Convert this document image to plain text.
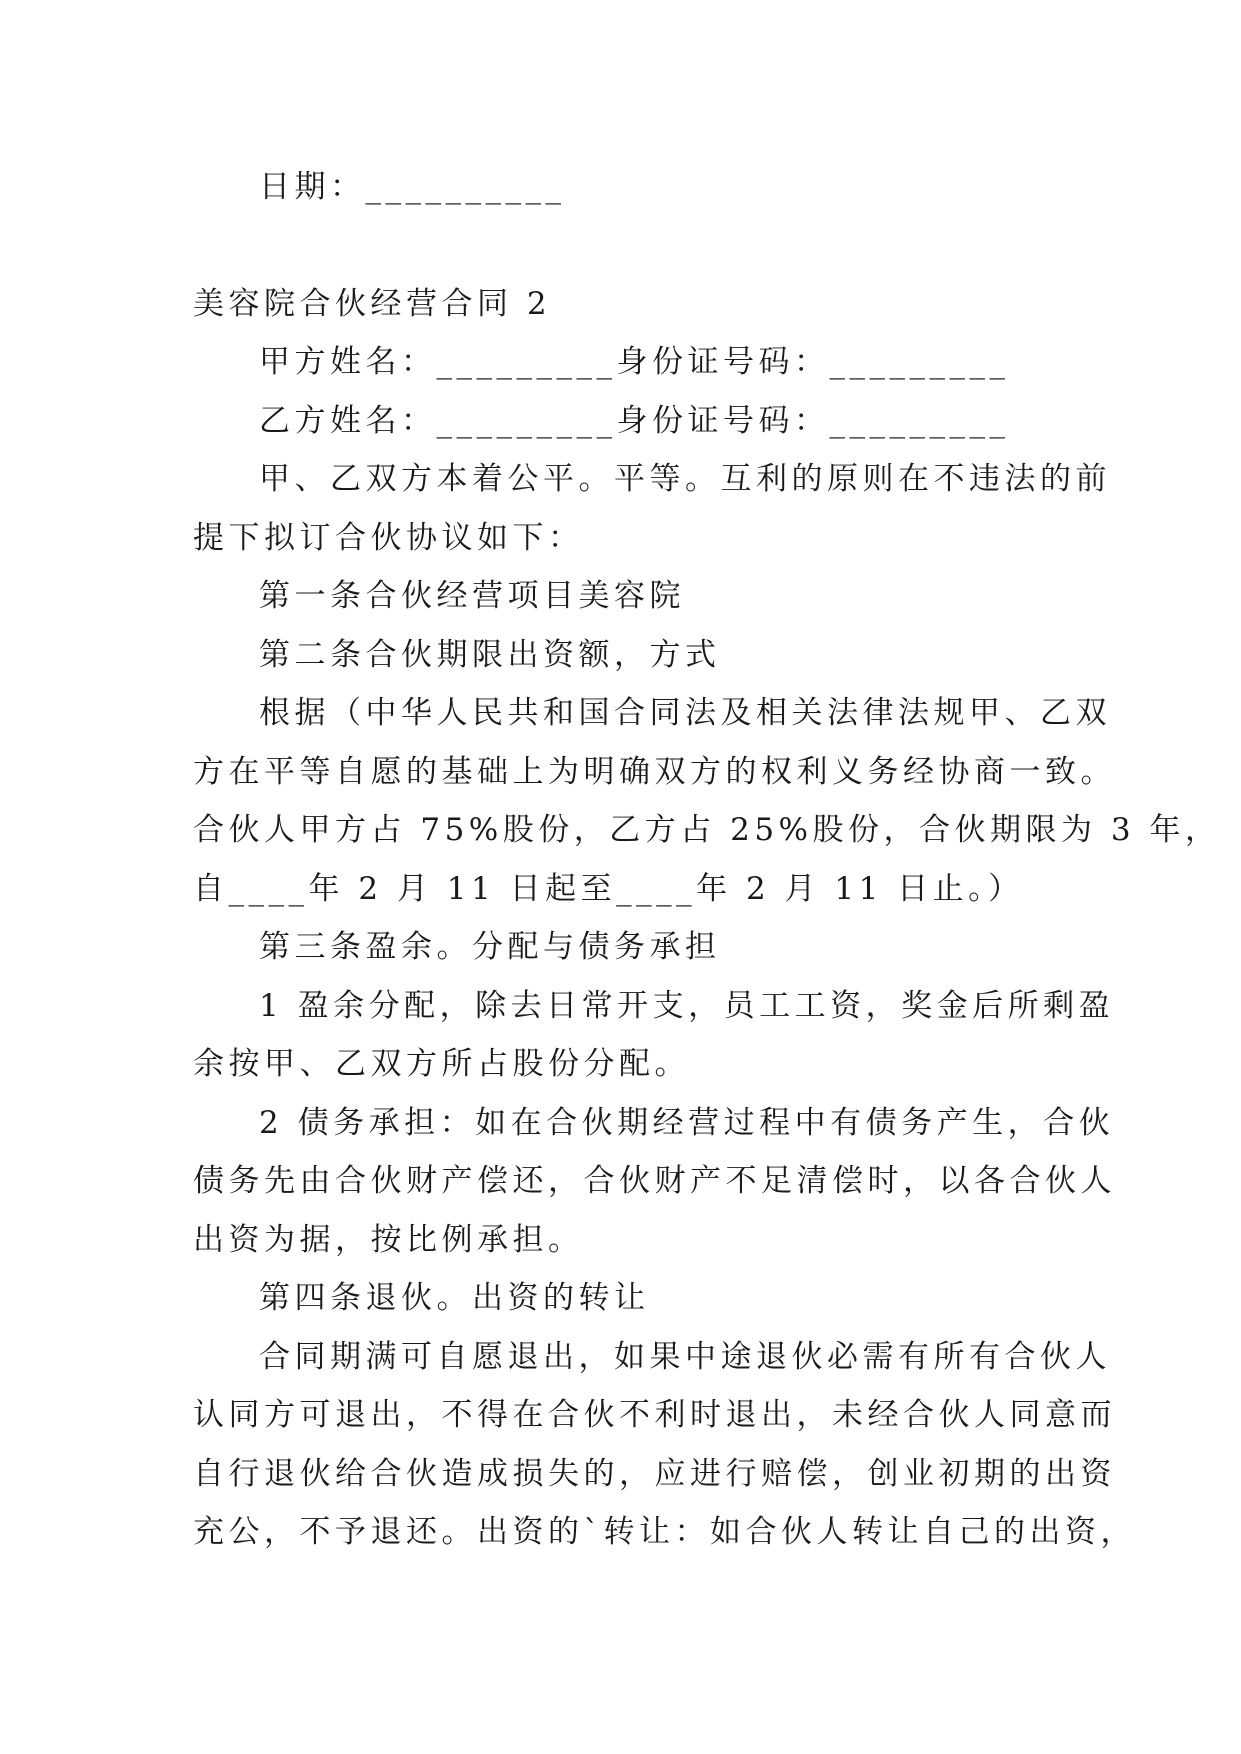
日期：__________
美容院合伙经营合同 2
甲方姓名：_________身份证号码：_________
乙方姓名：_________身份证号码：_________
甲、乙双方本着公平。平等。互利的原则在不违法的前
提下拟订合伙协议如下：
第一条合伙经营项目美容院
第二条合伙期限出资额，方式
根据（中华人民共和国合同法及相关法律法规甲、乙双
方在平等自愿的基础上为明确双方的权利义务经协商一致。
合伙人甲方占 75%股份，乙方占 25%股份，合伙期限为 3 年，
自____年 2 月 11 日起至____年 2 月 11 日止。）
第三条盈余。分配与债务承担
1 盈余分配，除去日常开支，员工工资，奖金后所剩盈
余按甲、乙双方所占股份分配。
2 债务承担：如在合伙期经营过程中有债务产生，合伙
债务先由合伙财产偿还，合伙财产不足清偿时，以各合伙人
出资为据，按比例承担。
第四条退伙。出资的转让
合同期满可自愿退出，如果中途退伙必需有所有合伙人
认同方可退出，不得在合伙不利时退出，未经合伙人同意而
自行退伙给合伙造成损失的，应进行赔偿，创业初期的出资
充公，不予退还。出资的`转让：如合伙人转让自己的出资，
